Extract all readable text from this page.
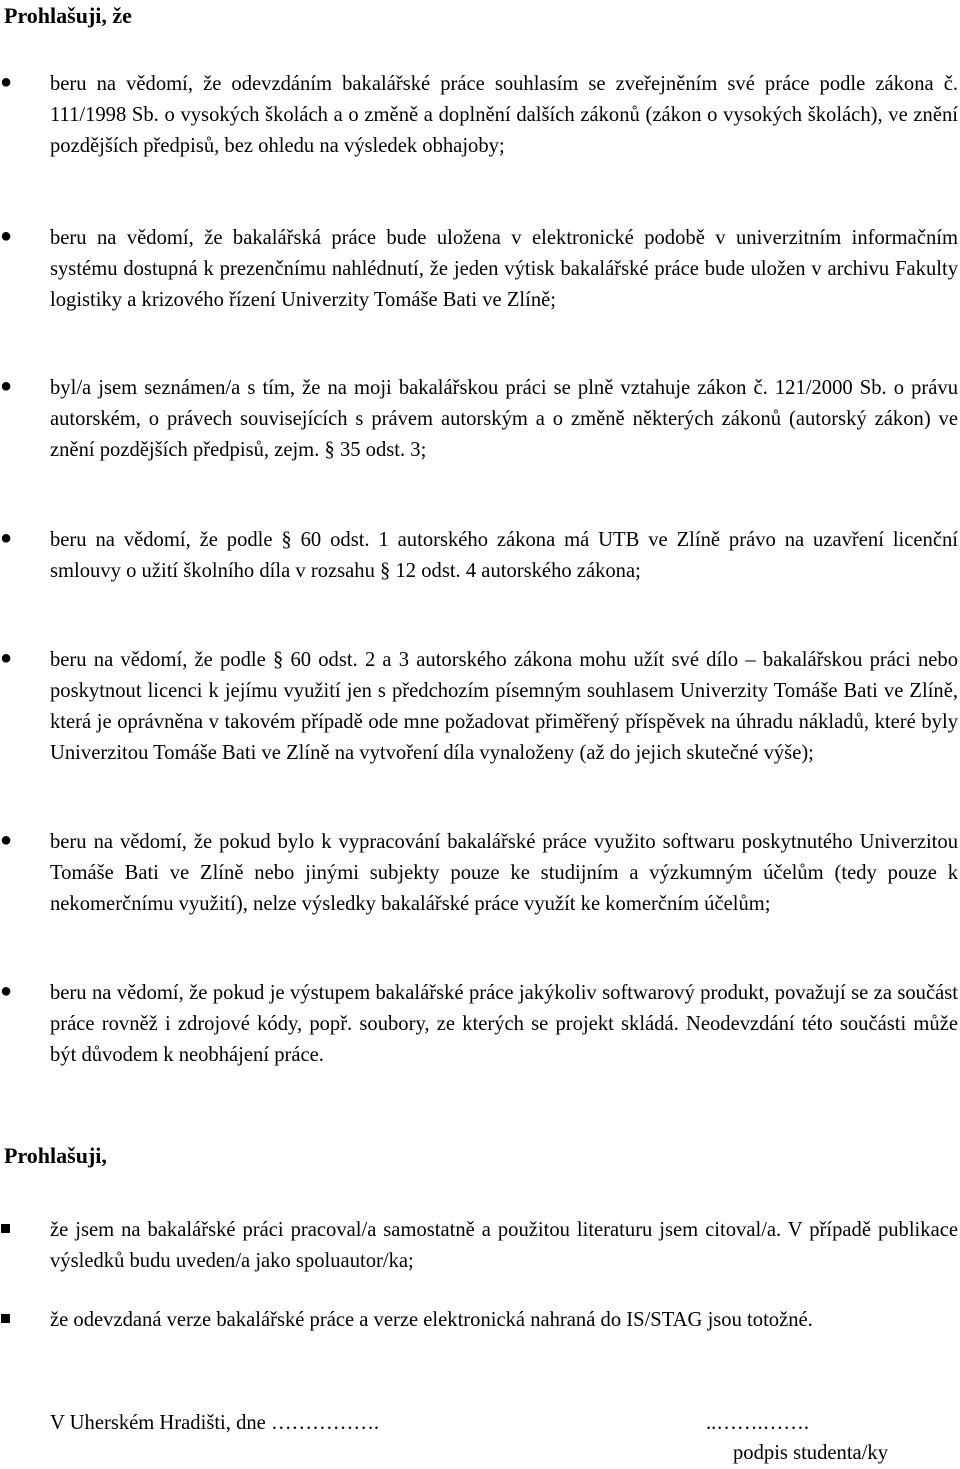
Prohlašuji, že
● beru na vědomí, že odevzdáním bakalářské práce souhlasím se zveřejněním své práce podle zákona č. 111/1998 Sb. o vysokých školách a o změně a doplnění dalších zákonů (zákon o vysokých školách), ve znění pozdějších předpisů, bez ohledu na výsledek obhajoby;

● beru na vědomí, že bakalářská práce bude uložena v elektronické podobě v univerzitním informačním systému dostupná k prezenčnímu nahlédnutí, že jeden výtisk bakalářské práce bude uložen v archivu Fakulty logistiky a krizového řízení Univerzity Tomáše Bati ve Zlíně;

● byl/a jsem seznámen/a s tím, že na moji bakalářskou práci se plně vztahuje zákon č. 121/2000 Sb. o právu autorském, o právech souvisejících s právem autorským a o změně některých zákonů (autorský zákon) ve znění pozdějších předpisů, zejm. § 35 odst. 3;

● beru na vědomí, že podle § 60 odst. 1 autorského zákona má UTB ve Zlíně právo na uzavření licenční smlouvy o užití školního díla v rozsahu § 12 odst. 4 autorského zákona;

● beru na vědomí, že podle § 60 odst. 2 a 3 autorského zákona mohu užít své dílo – bakalářskou práci nebo poskytnout licenci k jejímu využití jen s předchozím písemným souhlasem Univerzity Tomáše Bati ve Zlíně, která je oprávněna v takovém případě ode mne požadovat přiměřený příspěvek na úhradu nákladů, které byly Univerzitou Tomáše Bati ve Zlíně na vytvoření díla vynaloženy (až do jejich skutečné výše);

● beru na vědomí, že pokud bylo k vypracování bakalářské práce využito softwaru poskytnutého Univerzitou Tomáše Bati ve Zlíně nebo jinými subjekty pouze ke studijním a výzkumným účelům (tedy pouze k nekomerčnímu využití), nelze výsledky bakalářské práce využít ke komerčním účelům;

● beru na vědomí, že pokud je výstupem bakalářské práce jakýkoliv softwarový produkt, považují se za součást práce rovněž i zdrojové kódy, popř. soubory, ze kterých se projekt skládá. Neodevzdání této součásti může být důvodem k neobhájení práce.

Prohlašuji,

že jsem na bakalářské práci pracoval/a samostatně a použitou literaturu jsem citoval/a. V případě publikace výsledků budu uveden/a jako spoluautor/ka;

že odevzdaná verze bakalářské práce a verze elektronická nahraná do IS/STAG jsou totožné.

V Uherském Hradišti, dne …………….	..…….…….

podpis studenta/ky
